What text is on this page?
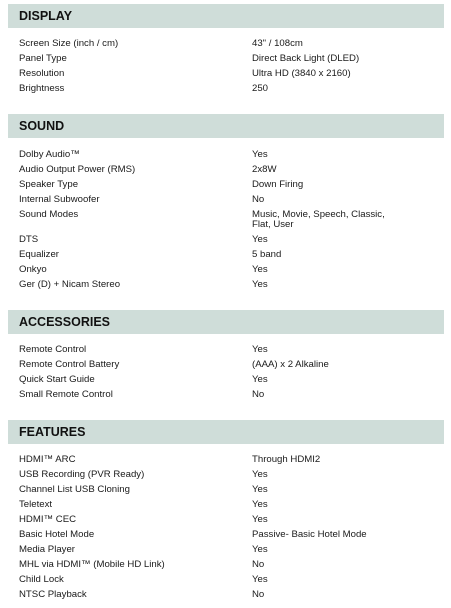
DISPLAY
Screen Size (inch / cm)	43" / 108cm
Panel Type	Direct Back Light (DLED)
Resolution	Ultra HD (3840 x 2160)
Brightness	250
SOUND
Dolby Audio™	Yes
Audio Output Power (RMS)	2x8W
Speaker Type	Down Firing
Internal Subwoofer	No
Sound Modes	Music, Movie, Speech, Classic, Flat, User
DTS	Yes
Equalizer	5 band
Onkyo	Yes
Ger (D) + Nicam Stereo	Yes
ACCESSORIES
Remote Control	Yes
Remote Control Battery	(AAA) x 2 Alkaline
Quick Start Guide	Yes
Small Remote Control	No
FEATURES
HDMI™ ARC	Through HDMI2
USB Recording (PVR Ready)	Yes
Channel List USB Cloning	Yes
Teletext	Yes
HDMI™ CEC	Yes
Basic Hotel Mode	Passive- Basic Hotel Mode
Media Player	Yes
MHL via HDMI™ (Mobile HD Link)	No
Child Lock	Yes
NTSC Playback	No
